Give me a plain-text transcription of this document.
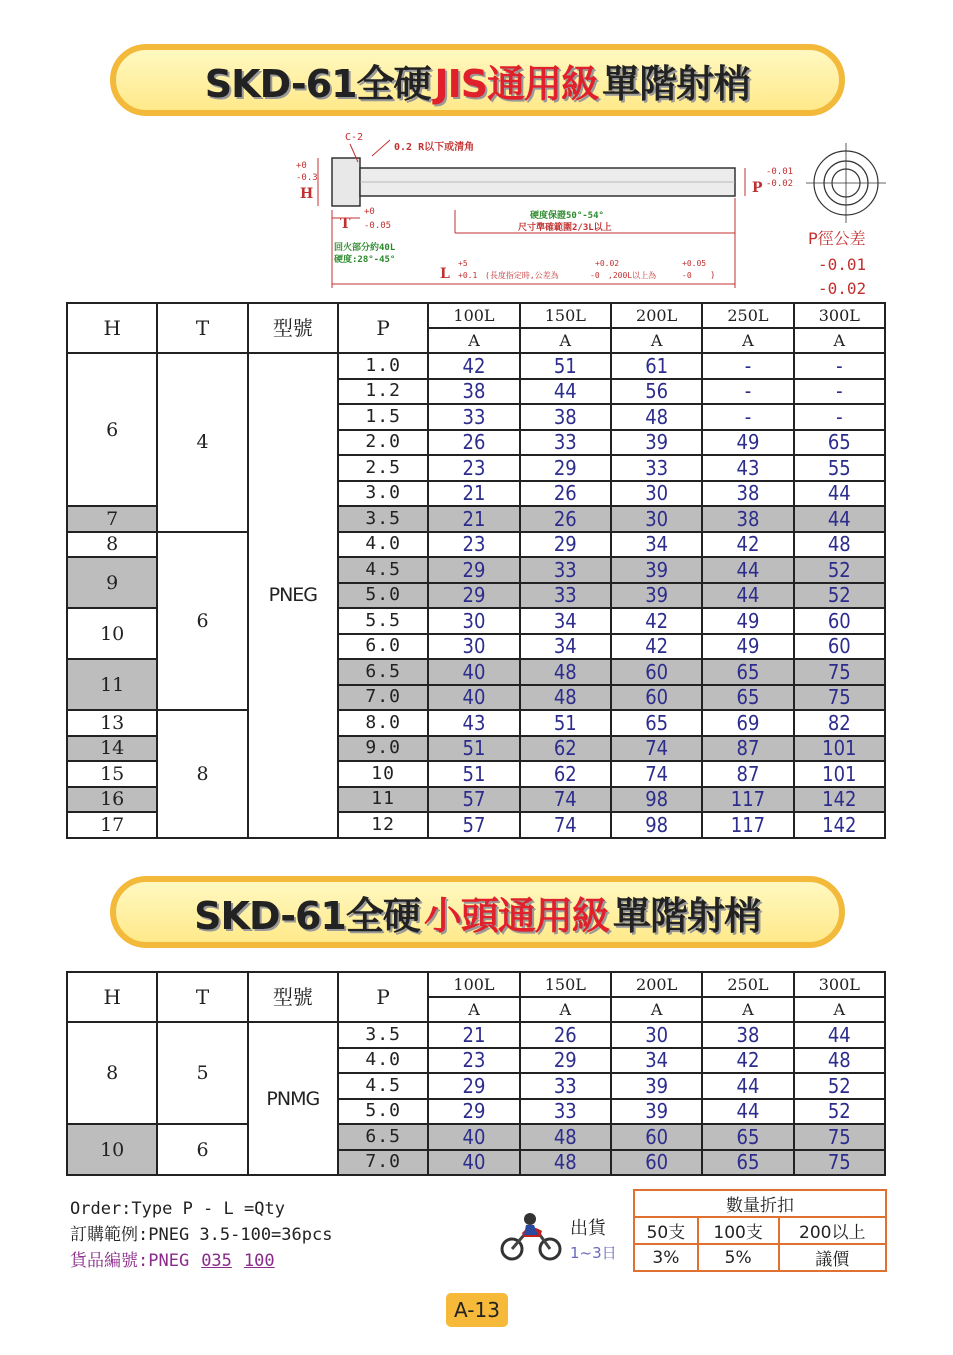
SKD-61全硬 JIS通用級 單階射梢
C-2
0.2 R以下或清角
+0
-0.3
H
T
+0
-0.05
回火部分約40L
硬度:28°-45°
硬度保證50°-54°
尺寸準確範圍2/3L以上
L
+5
+0.1 (長度指定時,公差為
+0.02
-0 ,200L以上為
+0.05
-0 )
P
-0.01
-0.02
P徑公差
-0.01
-0.02
H	T	型號	P	100L	150L	200L	250L	300L
				A	A	A	A	A
6	4	PNEG	1.0	42	51	61	-	-
			1.2	38	44	56	-	-
			1.5	33	38	48	-	-
			2.0	26	33	39	49	65
			2.5	23	29	33	43	55
			3.0	21	26	30	38	44
7			3.5	21	26	30	38	44
8	6		4.0	23	29	34	42	48
9			4.5	29	33	39	44	52
			5.0	29	33	39	44	52
10			5.5	30	34	42	49	60
			6.0	30	34	42	49	60
11			6.5	40	48	60	65	75
			7.0	40	48	60	65	75
13	8		8.0	43	51	65	69	82
14			9.0	51	62	74	87	101
15			10	51	62	74	87	101
16			11	57	74	98	117	142
17			12	57	74	98	117	142
SKD-61全硬 小頭通用級 單階射梢
H	T	型號	P	100L	150L	200L	250L	300L
				A	A	A	A	A
8	5	PNMG	3.5	21	26	30	38	44
			4.0	23	29	34	42	48
			4.5	29	33	39	44	52
			5.0	29	33	39	44	52
10	6		6.5	40	48	60	65	75
			7.0	40	48	60	65	75
Order:Type P - L =Qty
訂購範例:PNEG 3.5-100=36pcs
貨品編號:PNEG 035 100
出貨
1~3日
數量折扣		
50支	100支	200以上
3%	5%	議價
A-13
